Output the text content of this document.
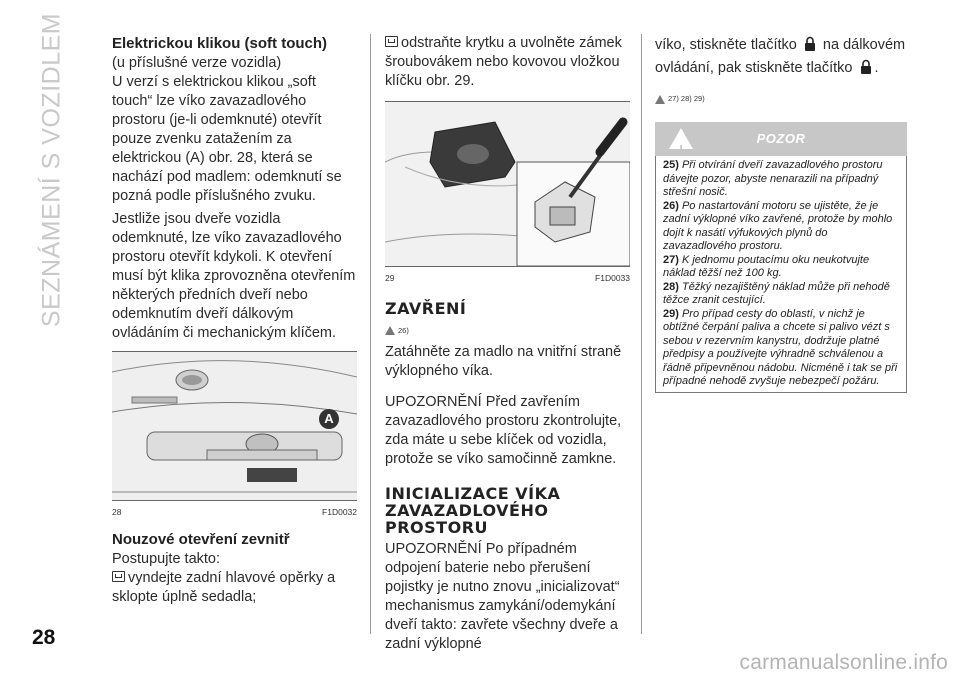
SEZNÁMENÍ S VOZIDLEM	Elektrickou klikou (soft touch)

(u příslušné verze vozidla)

U verzí s elektrickou klikou „soft touch“ lze víko zavazadlového prostoru (je-li odemknuté) otevřít pouze zvenku zatažením za elektrickou (A) obr. 28, která se nachází pod madlem: odemknutí se pozná podle příslušného zvuku.

Jestliže jsou dveře vozidla odemknuté, lze víko zavazadlového prostoru otevřít kdykoli. K otevření musí být klika zprovozněna otevřením některých předních dveří nebo odemknutím dveří dálkovým ovládáním či mechanickým klíčem.

A
28	F1D0032
Nouzové otevření zevnitř

Postupujte takto:

vyndejte zadní hlavové opěrky a sklopte úplně sedadla;

odstraňte krytku a uvolněte zámek šroubovákem nebo kovovou vložkou klíčku obr. 29.

29	F1D0033
ZAVŘENÍ
26)

Zatáhněte za madlo na vnitřní straně výklopného víka.

UPOZORNĚNÍ Před zavřením zavazadlového prostoru zkontrolujte, zda máte u sebe klíček od vozidla, protože se víko samočinně zamkne.

INICIALIZACE VÍKA ZAVAZADLOVÉHO PROSTORU

UPOZORNĚNÍ Po případném odpojení baterie nebo přerušení pojistky je nutno znovu „inicializovat“ mechanismus zamykání/odemykání dveří takto: zavřete všechny dveře a zadní výklopné

víko, stiskněte tlačítko na dálkovém ovládání, pak stiskněte tlačítko .

27) 28) 29)
!
POZOR

25) Při otvírání dveří zavazadlového prostoru dávejte pozor, abyste nenarazili na případný střešní nosič.

26) Po nastartování motoru se ujistěte, že je zadní výklopné víko zavřené, protože by mohlo dojít k nasátí výfukových plynů do zavazadlového prostoru.

27) K jednomu poutacímu oku neukotvujte náklad těžší než 100 kg.

28) Těžký nezajištěný náklad může při nehodě těžce zranit cestující.

29) Pro případ cesty do oblastí, v nichž je obtížné čerpání paliva a chcete si palivo vézt s sebou v rezervním kanystru, dodržuje platné předpisy a používejte výhradně schválenou a řádně připevněnou nádobu. Nicméně i tak se při případné nehodě zvyšuje nebezpečí požáru.

28
carmanualsonline.info
